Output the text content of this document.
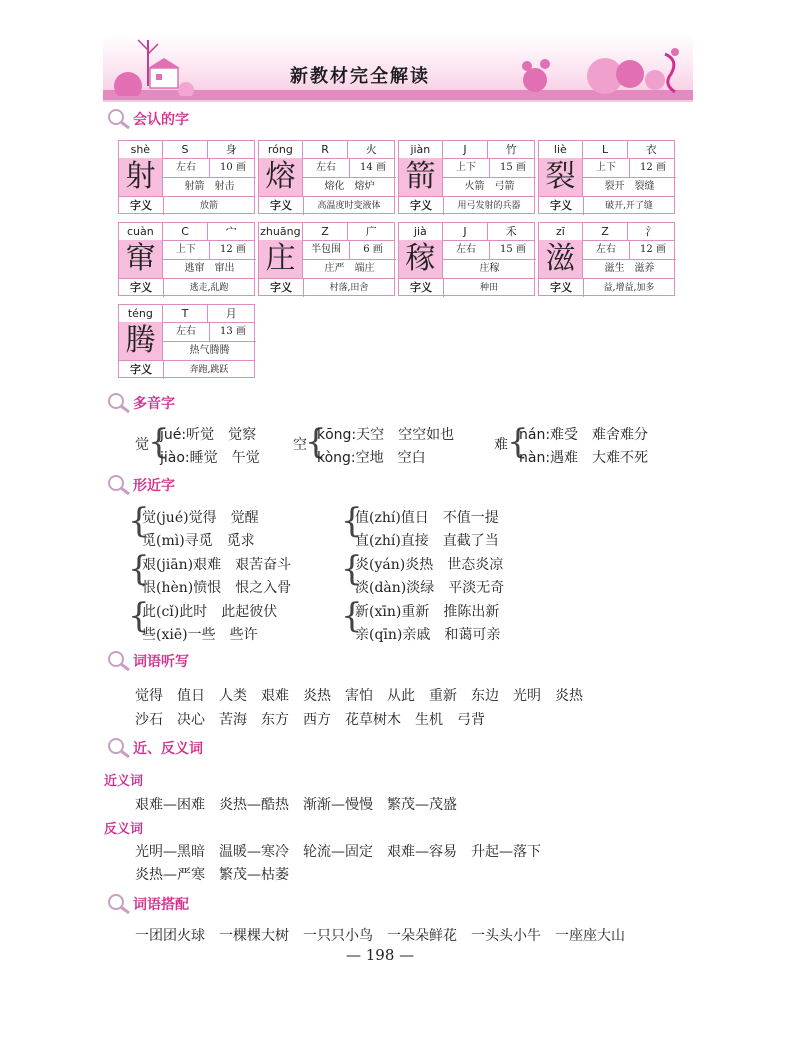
新教材完全解读
会认的字
shè	S	身
射	左右	10 画
射箭　 射击
字义	放箭
róng	R	火
熔	左右	14 画
熔化　 熔炉
字义	高温度时变液体
jiàn	J	竹
箭	上下	15 画
火箭　 弓箭
字义	用弓发射的兵器
liè	L	衣
裂	上下	12 画
裂开　 裂缝
字义	破开,开了缝
cuàn	C	宀
窜	上下	12 画
逃窜　 窜出
字义	逃走,乱跑
zhuāng	Z	广
庄	半包围	6 画
庄严　 端庄
字义	村落,田舍
jià	J	禾
稼	左右	15 画
庄稼
字义	种田
zī	Z	氵
滋	左右	12 画
滋生　 滋养
字义	益,增益,加多
téng	T	月
腾	左右	13 画
热气腾腾
字义	奔跑,跳跃
多音字
觉 {
jué:听觉　觉察
jiào:睡觉　午觉
空
{
kōng:天空　空空如也
kòng:空地　空白
难 {
nán:难受　难舍难分
nàn:遇难　大难不死
形近字
{
觉(jué)觉得　觉醒
觅(mì)寻觅　觅求
{
艰(jiān)艰难　艰苦奋斗
恨(hèn)愤恨　恨之入骨
{
此(cǐ)此时　此起彼伏
些(xiē)一些　些许
{
值(zhí)值日　不值一提
直(zhí)直接　直截了当
{
炎(yán)炎热　世态炎凉
淡(dàn)淡绿　平淡无奇
{
新(xīn)重新　推陈出新
亲(qīn)亲戚　和蔼可亲
词语听写
觉得　值日　人类　艰难　炎热　害怕　从此　重新　东边　光明　炎热
沙石　决心　苦海　东方　西方　花草树木　生机　弓背
近、反义词
近义词
艰难—困难　炎热—酷热　渐渐—慢慢　繁茂—茂盛
反义词
光明—黑暗　温暖—寒冷　轮流—固定　艰难—容易　升起—落下
炎热—严寒　繁茂—枯萎
词语搭配
一团团火球　一棵棵大树　一只只小鸟　一朵朵鲜花　一头头小牛　一座座大山
— 198 —
